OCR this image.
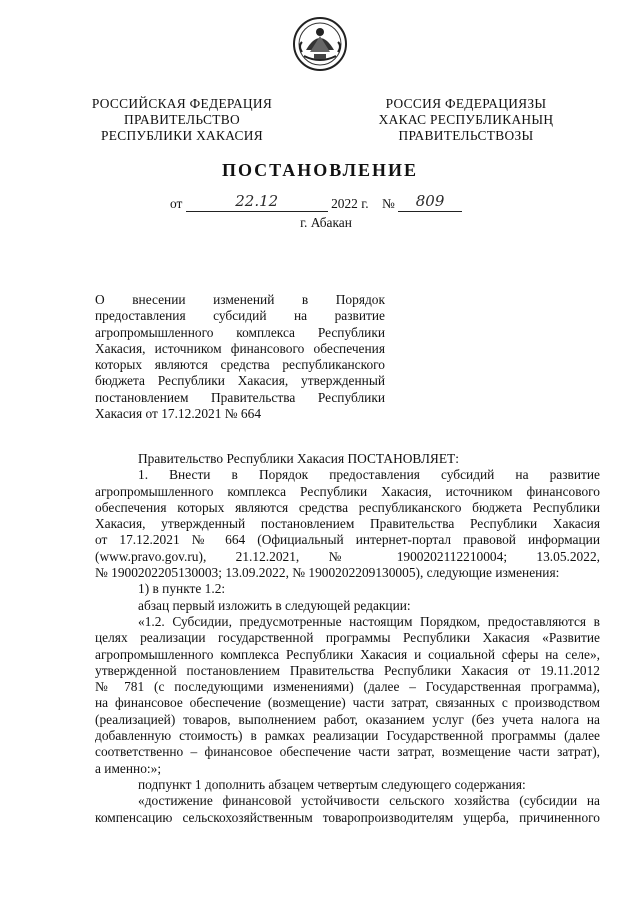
РОССИЙСКАЯ ФЕДЕРАЦИЯ
ПРАВИТЕЛЬСТВО
РЕСПУБЛИКИ ХАКАСИЯ
РОССИЯ ФЕДЕРАЦИЯЗЫ
ХАКАС РЕСПУБЛИКАНЫҢ
ПРАВИТЕЛЬСТВОЗЫ
ПОСТАНОВЛЕНИЕ
от	22.12	2022 г. № 809
г. Абакан
О внесении изменений в Порядок
предоставления субсидий на развитие
агропромышленного комплекса Республики
Хакасия, источником финансового обеспечения
которых являются средства республиканского
бюджета Республики Хакасия, утвержденный
постановлением Правительства Республики
Хакасия от 17.12.2021 № 664
Правительство Республики Хакасия ПОСТАНОВЛЯЕТ:
1. Внести в Порядок предоставления субсидий на развитие
агропромышленного комплекса Республики Хакасия, источником финансового
обеспечения которых являются средства республиканского бюджета Республики
Хакасия, утвержденный постановлением Правительства Республики Хакасия
от 17.12.2021 № 664 (Официальный интернет-портал правовой информации
(www.pravo.gov.ru), 21.12.2021, № 1900202112210004; 13.05.2022,
№ 1900202205130003; 13.09.2022, № 1900202209130005), следующие изменения:
1) в пункте 1.2:
абзац первый изложить в следующей редакции:
«1.2. Субсидии, предусмотренные настоящим Порядком, предоставляются в
целях реализации государственной программы Республики Хакасия «Развитие
агропромышленного комплекса Республики Хакасия и социальной сферы на селе»,
утвержденной постановлением Правительства Республики Хакасия от 19.11.2012
№ 781 (с последующими изменениями) (далее – Государственная программа),
на финансовое обеспечение (возмещение) части затрат, связанных с производством
(реализацией) товаров, выполнением работ, оказанием услуг (без учета налога на
добавленную стоимость) в рамках реализации Государственной программы (далее
соответственно – финансовое обеспечение части затрат, возмещение части затрат),
а именно:»;
подпункт 1 дополнить абзацем четвертым следующего содержания:
«достижение финансовой устойчивости сельского хозяйства (субсидии на
компенсацию сельскохозяйственным товаропроизводителям ущерба, причиненного
